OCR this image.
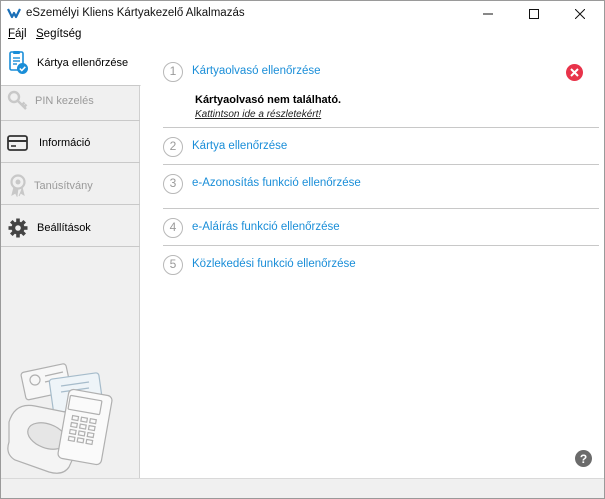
eSzemélyi Kliens Kártyakezelő Alkalmazás
Fájl Segítség
Kártya ellenőrzése
PIN kezelés
Információ
Tanúsítvány
Beállítások
1	Kártyaolvasó ellenőrzése
Kártyaolvasó nem található.
Kattintson ide a részletekért!
2	Kártya ellenőrzése
3	e-Azonosítás funkció ellenőrzése
4	e-Aláírás funkció ellenőrzése
5	Közlekedési funkció ellenőrzése
?
